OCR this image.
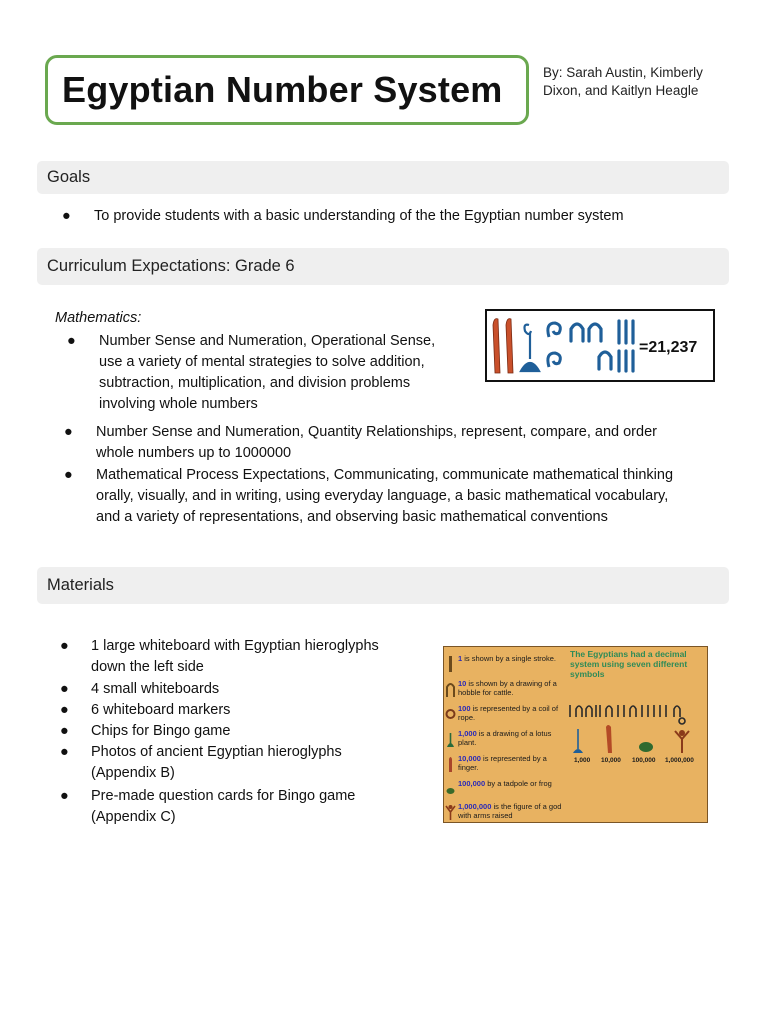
Egyptian Number System	By: Sarah Austin, Kimberly Dixon, and Kaitlyn Heagle
Goals
● To provide students with a basic understanding of the the Egyptian number system
Curriculum Expectations: Grade 6
Mathematics:
● Number Sense and Numeration, Operational Sense,
use a variety of mental strategies to solve addition,
subtraction, multiplication, and division problems
involving whole numbers
=21,237
● Number Sense and Numeration, Quantity Relationships, represent, compare, and order
whole numbers up to 1000000
● Mathematical Process Expectations, Communicating, communicate mathematical thinking
orally, visually, and in writing, using everyday language, a basic mathematical vocabulary,
and a variety of representations, and observing basic mathematical conventions
Materials
● 1 large whiteboard with Egyptian hieroglyphs
down the left side
● 4 small whiteboards
● 6 whiteboard markers
● Chips for Bingo game
● Photos of ancient Egyptian hieroglyphs
(Appendix B)
● Pre-made question cards for Bingo game
(Appendix C)
1 is shown by a single stroke.
10 is shown by a drawing of a hobble for cattle.
100 is represented by a coil of rope.
1,000 is a drawing of a lotus plant.
10,000 is represented by a finger.
100,000 by a tadpole or frog
1,000,000 is the figure of a god with arms raised
The Egyptians had a decimal system using seven different symbols
1,000 10,000 100,000 1,000,000
